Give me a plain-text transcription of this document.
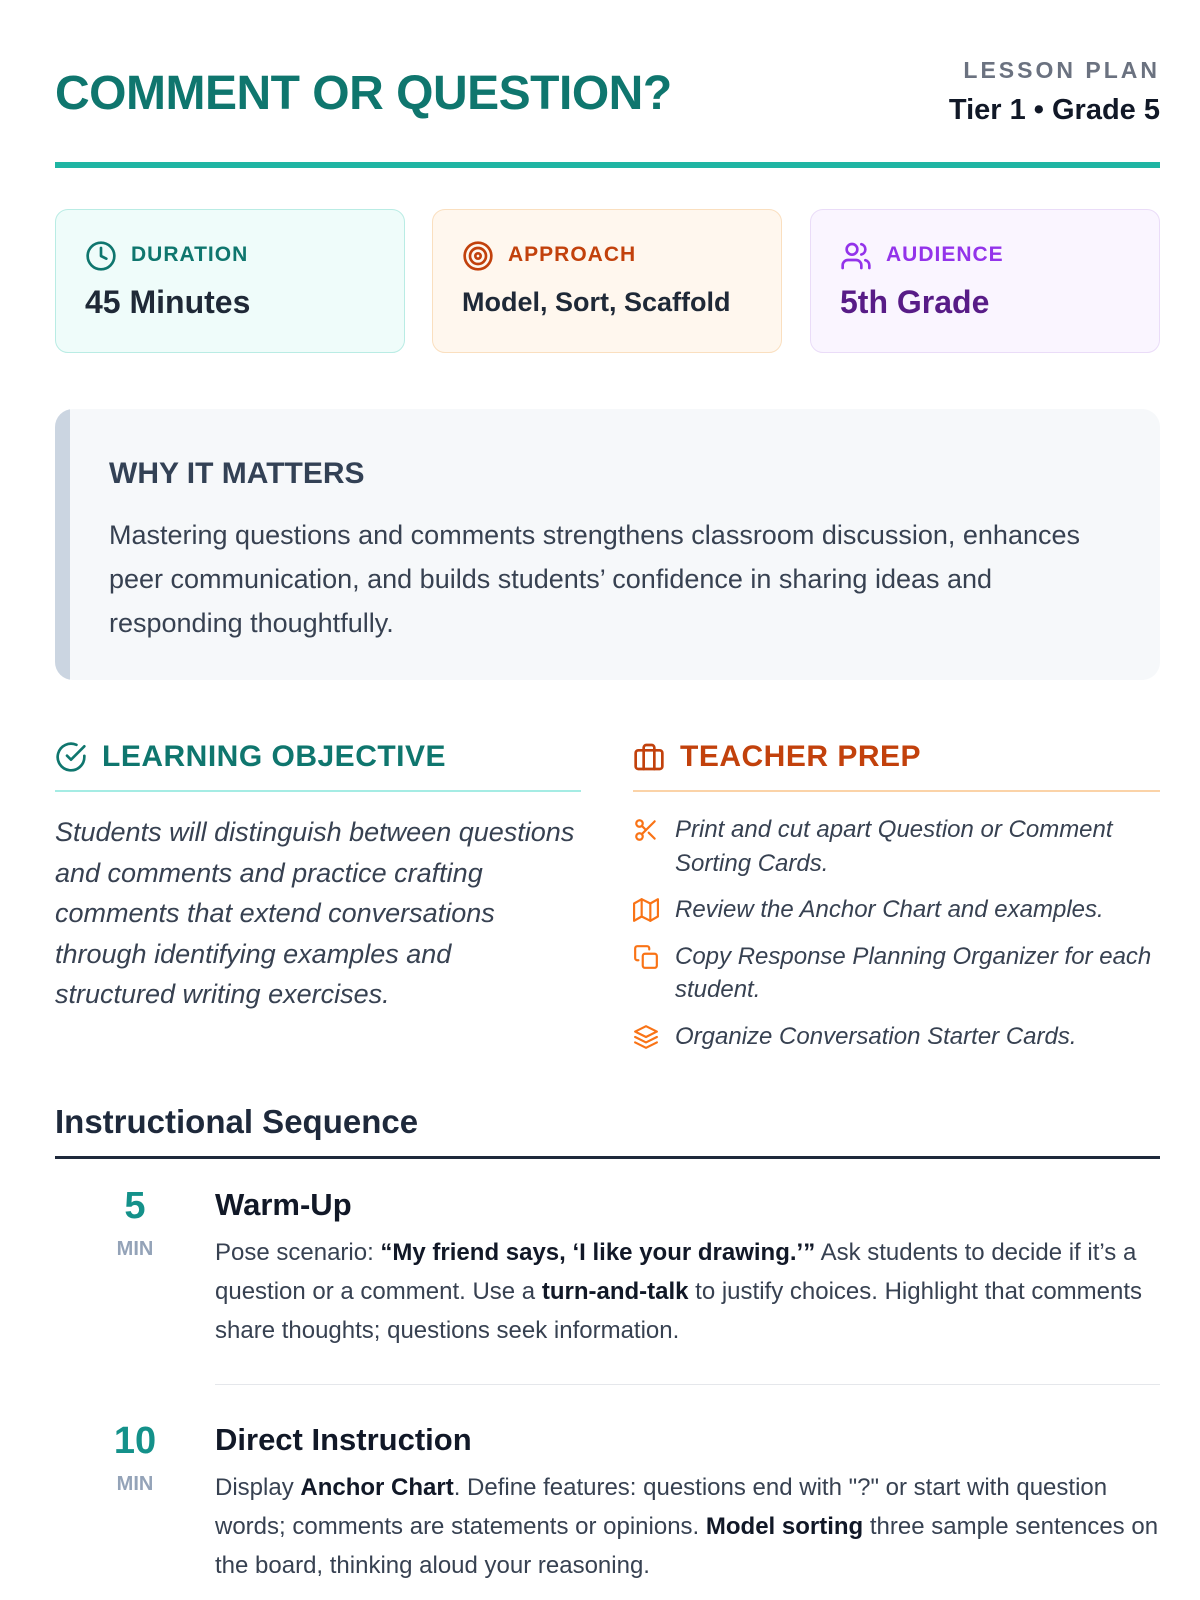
COMMENT OR QUESTION?	LESSON PLAN
Tier 1 • Grade 5
DURATION
45 Minutes
APPROACH
Model, Sort, Scaffold
AUDIENCE
5th Grade
WHY IT MATTERS

Mastering questions and comments strengthens classroom discussion, enhances peer communication, and builds students’ confidence in sharing ideas and responding thoughtfully.

LEARNING OBJECTIVE
Students will distinguish between questions and comments and practice crafting comments that extend conversations through identifying examples and structured writing exercises.
TEACHER PREP
Print and cut apart Question or Comment Sorting Cards.
Review the Anchor Chart and examples.
Copy Response Planning Organizer for each student.
Organize Conversation Starter Cards.
Instructional Sequence
5
MIN
Warm-Up
Pose scenario: “My friend says, ‘I like your drawing.’” Ask students to decide if it’s a question or a comment. Use a turn-and-talk to justify choices. Highlight that comments share thoughts; questions seek information.
10
MIN
Direct Instruction
Display Anchor Chart. Define features: questions end with "?" or start with question words; comments are statements or opinions. Model sorting three sample sentences on the board, thinking aloud your reasoning.
